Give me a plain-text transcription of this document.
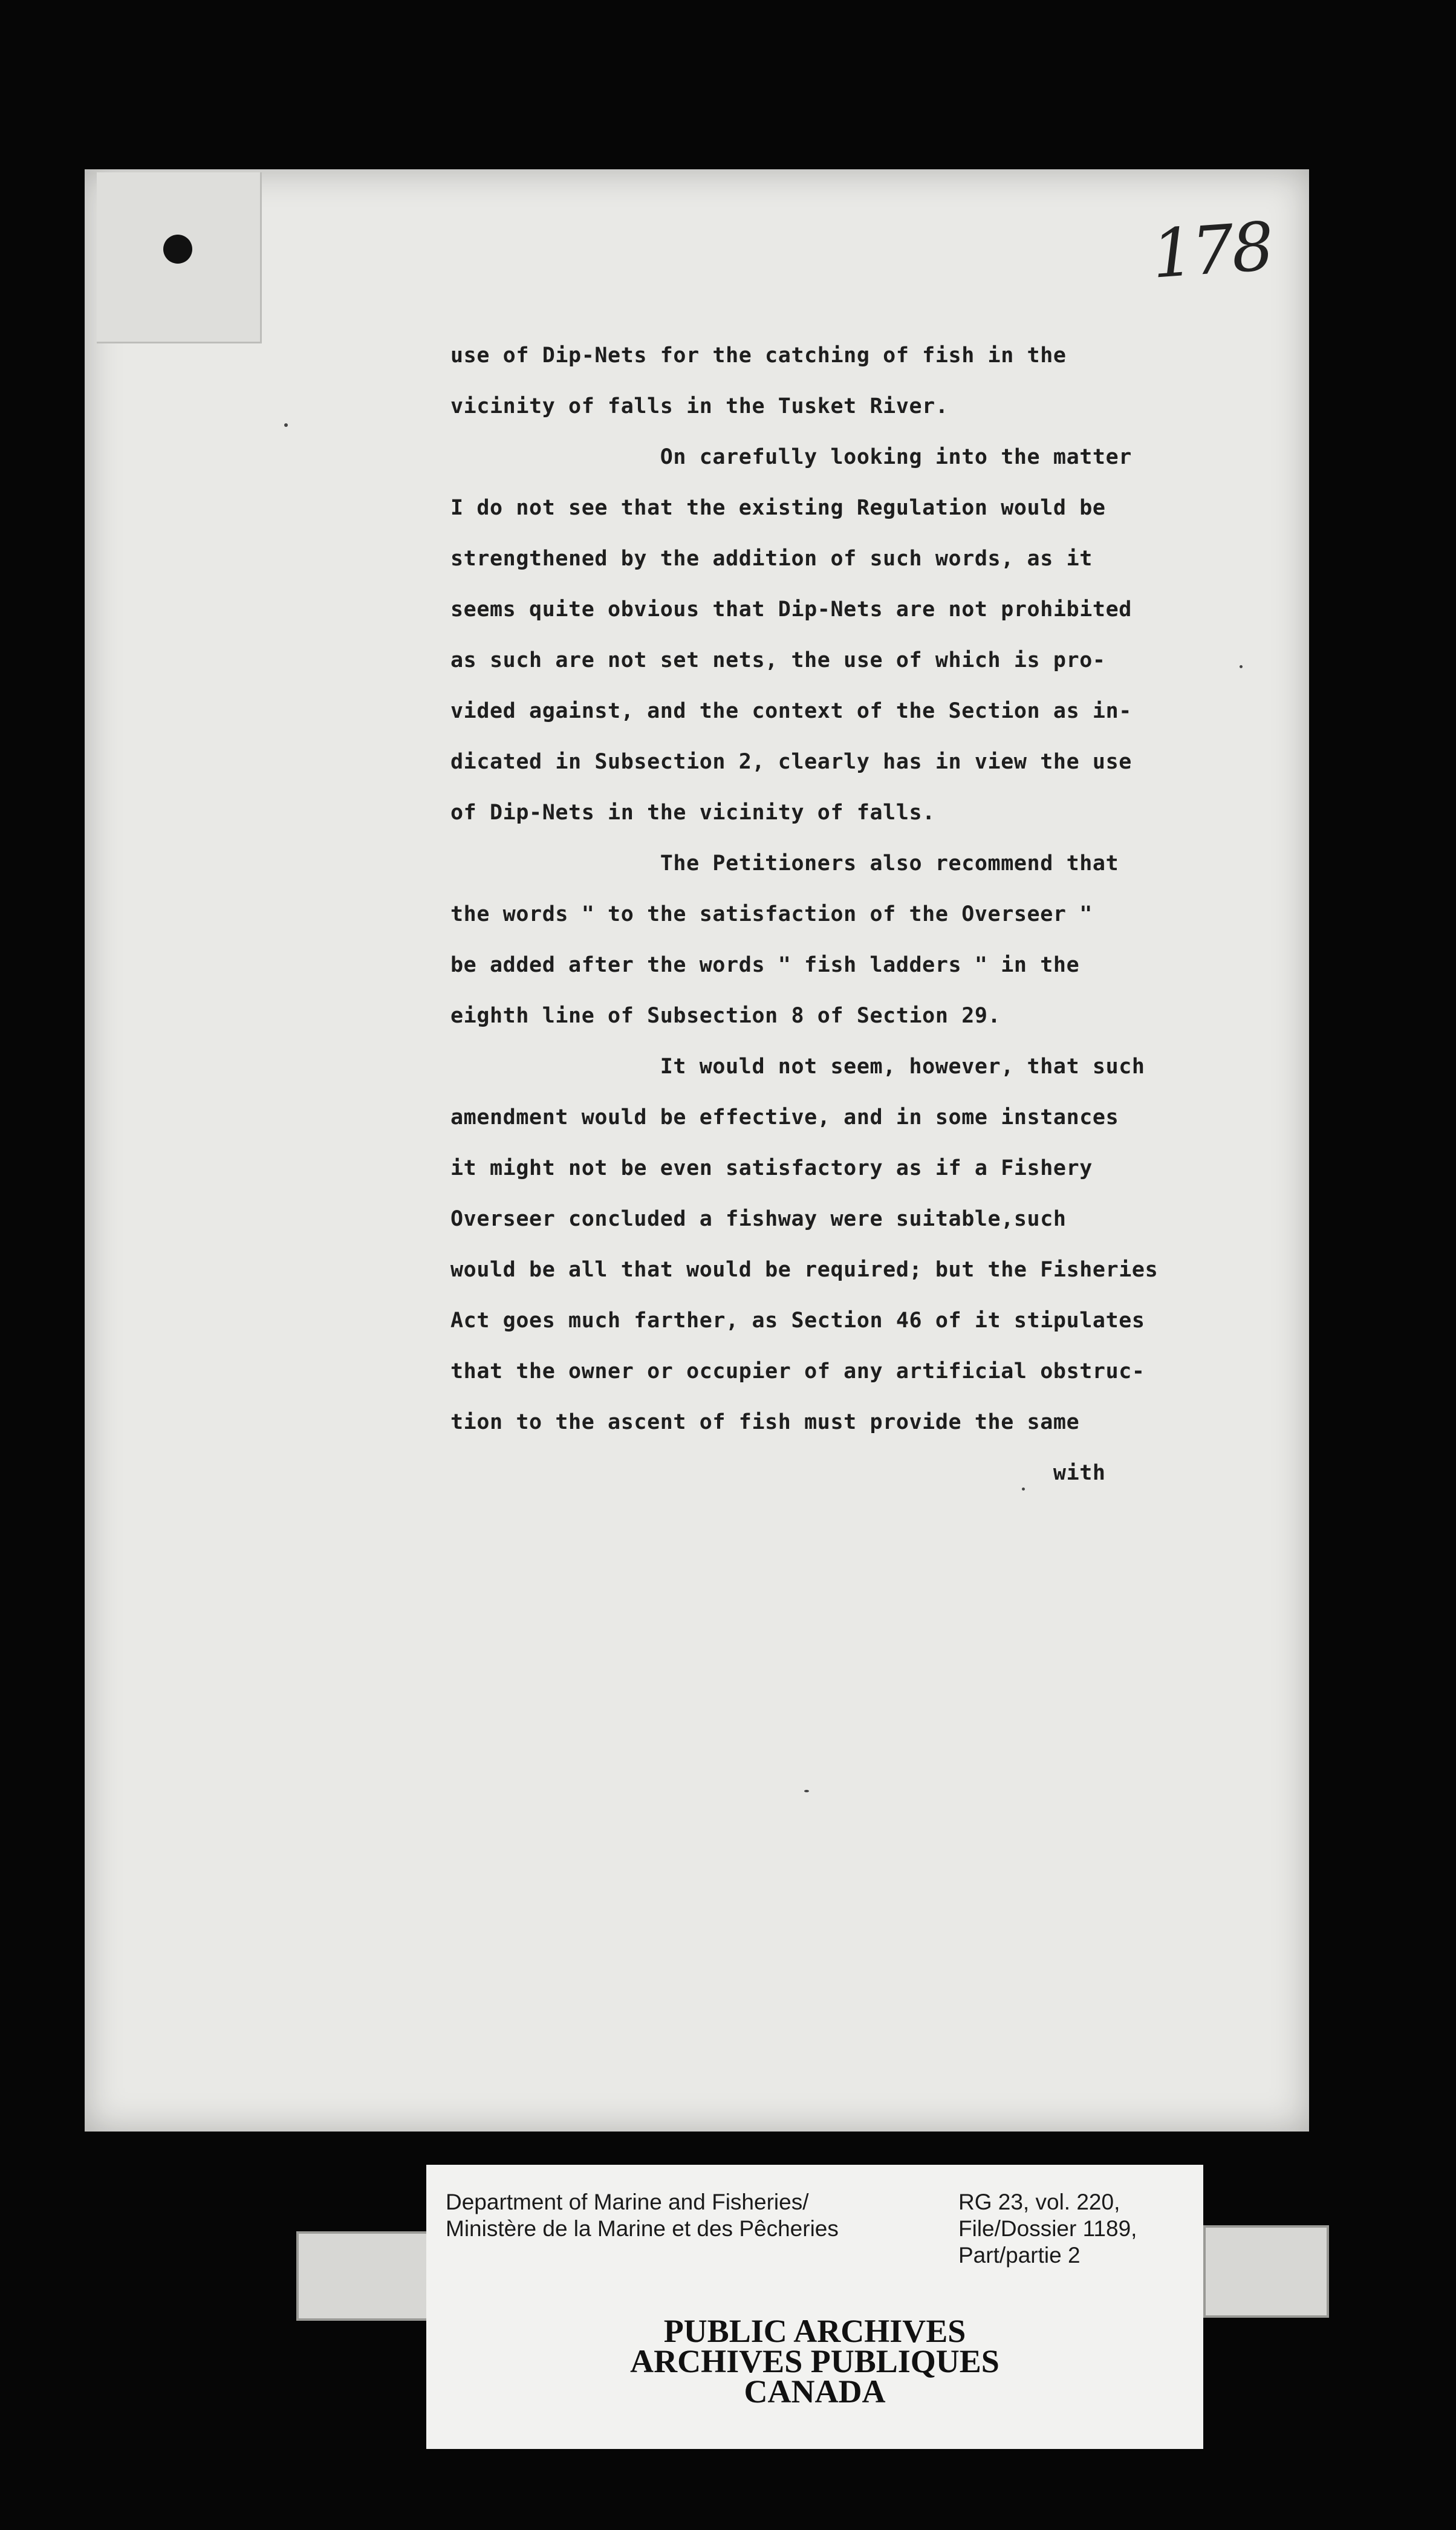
178
use of Dip-Nets for the catching of fish in the
vicinity of falls in the Tusket River.
On carefully looking into the matter
I do not see that the existing Regulation would be
strengthened by the addition of such words, as it
seems quite obvious that Dip-Nets are not prohibited
as such are not set nets, the use of which is pro-
vided against, and the context of the Section as in-
dicated in Subsection 2, clearly has in view the use
of Dip-Nets in the vicinity of falls.
The Petitioners also recommend that
the words " to the satisfaction of the Overseer "
be added after the words " fish ladders " in the
eighth line of Subsection 8 of Section 29.
It would not seem, however, that such
amendment would be effective, and in some instances
it might not be even satisfactory as if a Fishery
Overseer concluded a fishway were suitable,such
would be all that would be required; but the Fisheries
Act goes much farther, as Section 46 of it stipulates
that the owner or occupier of any artificial obstruc-
tion to the ascent of fish must provide the same
with
Department of Marine and Fisheries/
Ministère de la Marine et des Pêcheries
RG 23, vol. 220,
File/Dossier 1189,
Part/partie 2
PUBLIC ARCHIVES
ARCHIVES PUBLIQUES
CANADA
